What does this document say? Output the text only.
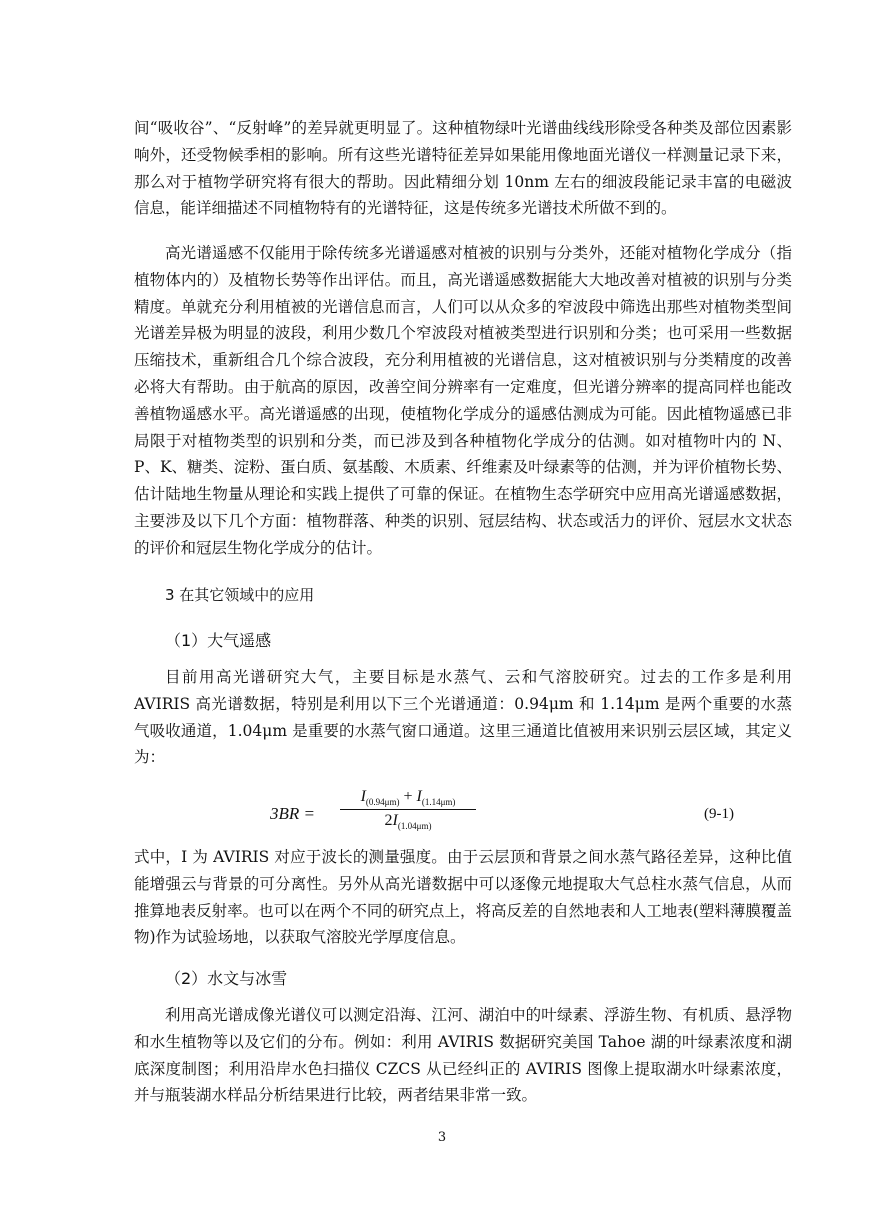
间“吸收谷”、“反射峰”的差异就更明显了。这种植物绿叶光谱曲线线形除受各种类及部位因素影响外，还受物候季相的影响。所有这些光谱特征差异如果能用像地面光谱仪一样测量记录下来，那么对于植物学研究将有很大的帮助。因此精细分划 10nm 左右的细波段能记录丰富的电磁波信息，能详细描述不同植物特有的光谱特征，这是传统多光谱技术所做不到的。

高光谱遥感不仅能用于除传统多光谱遥感对植被的识别与分类外，还能对植物化学成分（指植物体内的）及植物长势等作出评估。而且，高光谱遥感数据能大大地改善对植被的识别与分类精度。单就充分利用植被的光谱信息而言，人们可以从众多的窄波段中筛选出那些对植物类型间光谱差异极为明显的波段，利用少数几个窄波段对植被类型进行识别和分类；也可采用一些数据压缩技术，重新组合几个综合波段，充分利用植被的光谱信息，这对植被识别与分类精度的改善必将大有帮助。由于航高的原因，改善空间分辨率有一定难度，但光谱分辨率的提高同样也能改善植物遥感水平。高光谱遥感的出现，使植物化学成分的遥感估测成为可能。因此植物遥感已非局限于对植物类型的识别和分类，而已涉及到各种植物化学成分的估测。如对植物叶内的 N、P、K、糖类、淀粉、蛋白质、氨基酸、木质素、纤维素及叶绿素等的估测，并为评价植物长势、估计陆地生物量从理论和实践上提供了可靠的保证。在植物生态学研究中应用高光谱遥感数据，主要涉及以下几个方面：植物群落、种类的识别、冠层结构、状态或活力的评价、冠层水文状态的评价和冠层生物化学成分的估计。

3 在其它领域中的应用

（1）大气遥感

目前用高光谱研究大气，主要目标是水蒸气、云和气溶胶研究。过去的工作多是利用 AVIRIS 高光谱数据，特别是利用以下三个光谱通道：0.94μm 和 1.14μm 是两个重要的水蒸气吸收通道，1.04μm 是重要的水蒸气窗口通道。这里三通道比值被用来识别云层区域，其定义为：

3BR =
$I_{(0.94\mu m)} + I_{(1.14\mu m)}$
$2I_{(1.04\mu m)}$
(9-1)

式中，I 为 AVIRIS 对应于波长的测量强度。由于云层顶和背景之间水蒸气路径差异，这种比值能增强云与背景的可分离性。另外从高光谱数据中可以逐像元地提取大气总柱水蒸气信息，从而推算地表反射率。也可以在两个不同的研究点上，将高反差的自然地表和人工地表(塑料薄膜覆盖物)作为试验场地，以获取气溶胶光学厚度信息。

（2）水文与冰雪

利用高光谱成像光谱仪可以测定沿海、江河、湖泊中的叶绿素、浮游生物、有机质、悬浮物和水生植物等以及它们的分布。例如：利用 AVIRIS 数据研究美国 Tahoe 湖的叶绿素浓度和湖底深度制图；利用沿岸水色扫描仪 CZCS 从已经纠正的 AVIRIS 图像上提取湖水叶绿素浓度，并与瓶装湖水样品分析结果进行比较，两者结果非常一致。

3
